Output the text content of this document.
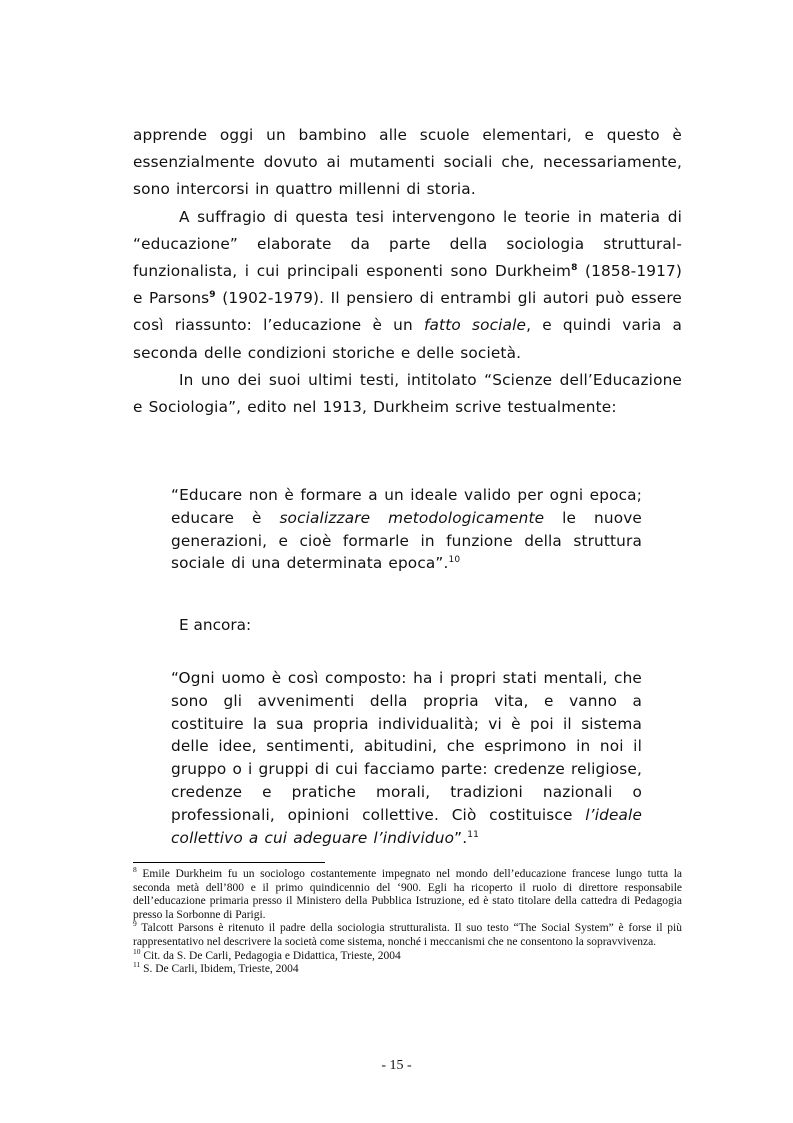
apprende oggi un bambino alle scuole elementari, e questo è essenzialmente dovuto ai mutamenti sociali che, necessariamente, sono intercorsi in quattro millenni di storia.

A suffragio di questa tesi intervengono le teorie in materia di “educazione” elaborate da parte della sociologia struttural-funzionalista, i cui principali esponenti sono Durkheim$^8$ (1858-1917) e Parsons$^9$ (1902-1979). Il pensiero di entrambi gli autori può essere così riassunto: l’educazione è un fatto sociale, e quindi varia a seconda delle condizioni storiche e delle società.

In uno dei suoi ultimi testi, intitolato “Scienze dell’Educazione e Sociologia”, edito nel 1913, Durkheim scrive testualmente:

“Educare non è formare a un ideale valido per ogni epoca; educare è socializzare metodologicamente le nuove generazioni, e cioè formarle in funzione della struttura sociale di una determinata epoca”.$^{10}$

E ancora:

“Ogni uomo è così composto: ha i propri stati mentali, che sono gli avvenimenti della propria vita, e vanno a costituire la sua propria individualità; vi è poi il sistema delle idee, sentimenti, abitudini, che esprimono in noi il gruppo o i gruppi di cui facciamo parte: credenze religiose, credenze e pratiche morali, tradizioni nazionali o professionali, opinioni collettive. Ciò costituisce l’ideale collettivo a cui adeguare l’individuo”.$^{11}$

$^8$ Emile Durkheim fu un sociologo costantemente impegnato nel mondo dell’educazione francese lungo tutta la seconda metà dell’800 e il primo quindicennio del ‘900. Egli ha ricoperto il ruolo di direttore responsabile dell’educazione primaria presso il Ministero della Pubblica Istruzione, ed è stato titolare della cattedra di Pedagogia presso la Sorbonne di Parigi.

$^9$ Talcott Parsons è ritenuto il padre della sociologia strutturalista. Il suo testo “The Social System” è forse il più rappresentativo nel descrivere la società come sistema, nonché i meccanismi che ne consentono la sopravvivenza.

$^{10}$ Cit. da S. De Carli, Pedagogia e Didattica, Trieste, 2004

$^{11}$ S. De Carli, Ibidem, Trieste, 2004

- 15 -
